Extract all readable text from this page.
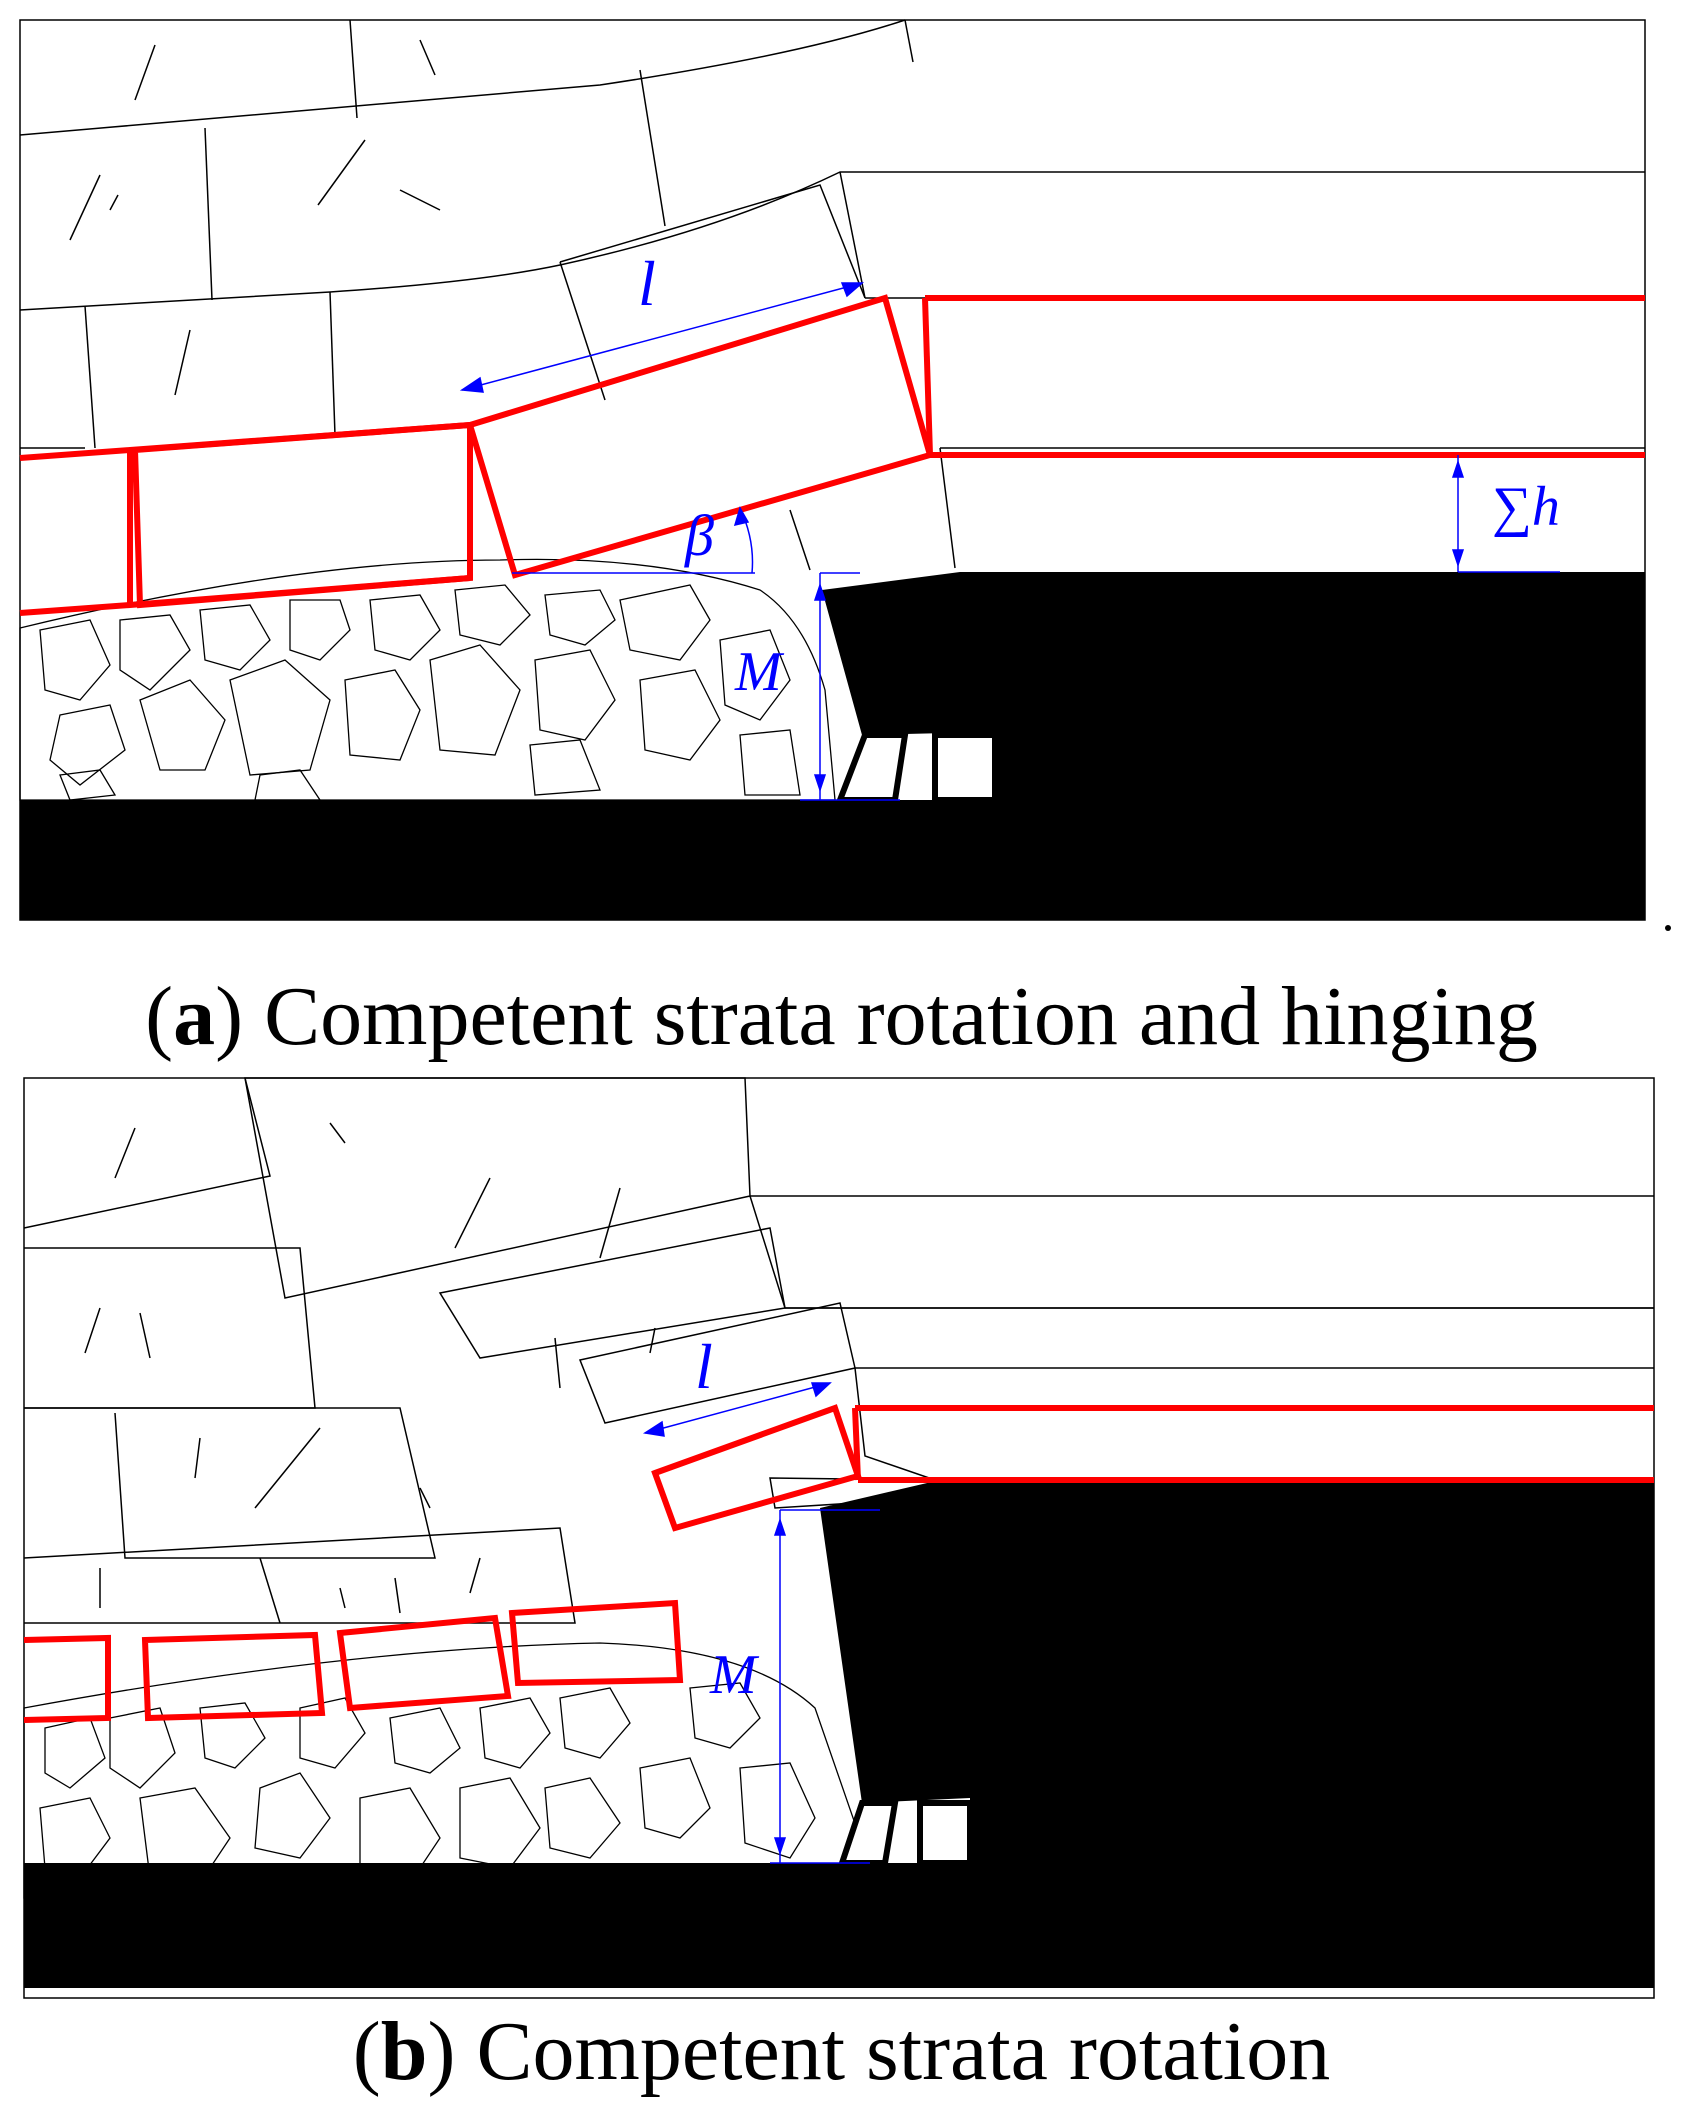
l
β
M
∑h
(a) Competent strata rotation and hinging
l
M
(b) Competent strata rotation
